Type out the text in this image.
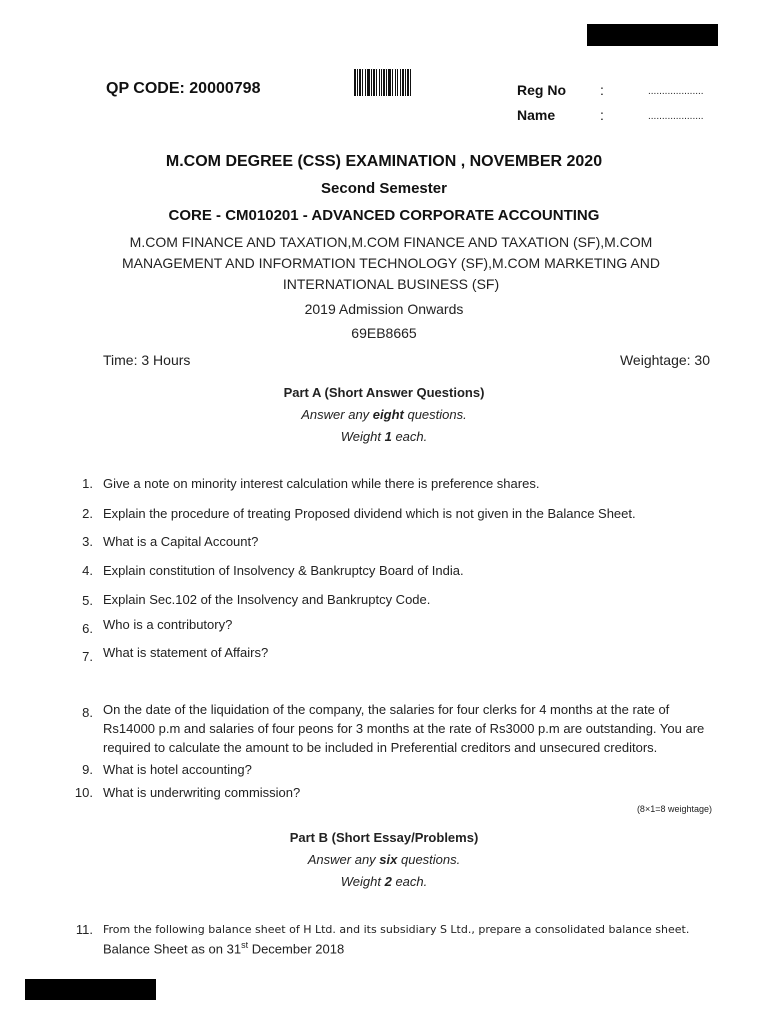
QP CODE: 20000798	Reg No :	....................
Name	:	....................
M.COM DEGREE (CSS) EXAMINATION , NOVEMBER 2020
Second Semester
CORE - CM010201 - ADVANCED CORPORATE ACCOUNTING
M.COM FINANCE AND TAXATION,M.COM FINANCE AND TAXATION (SF),M.COM MANAGEMENT AND INFORMATION TECHNOLOGY (SF),M.COM MARKETING AND INTERNATIONAL BUSINESS (SF)
2019 Admission Onwards
69EB8665
Time: 3 Hours	Weightage: 30
Part A (Short Answer Questions)
Answer any eight questions.
Weight 1 each.
1. Give a note on minority interest calculation while there is preference shares.
2. Explain the procedure of treating Proposed dividend which is not given in the Balance Sheet.
3. What is a Capital Account?
4. Explain constitution of Insolvency & Bankruptcy Board of India.
5. Explain Sec.102 of the Insolvency and Bankruptcy Code.
6. Who is a contributory?
7. What is statement of Affairs?
8. On the date of the liquidation of the company, the salaries for four clerks for 4 months at the rate of Rs14000 p.m and salaries of four peons for 3 months at the rate of Rs3000 p.m are outstanding. You are required to calculate the amount to be included in Preferential creditors and unsecured creditors.
9. What is hotel accounting?
10. What is underwriting commission?
(8×1=8 weightage)
Part B (Short Essay/Problems)
Answer any six questions.
Weight 2 each.
11. From the following balance sheet of H Ltd. and its subsidiary S Ltd., prepare a consolidated balance sheet.
Balance Sheet as on 31st December 2018
